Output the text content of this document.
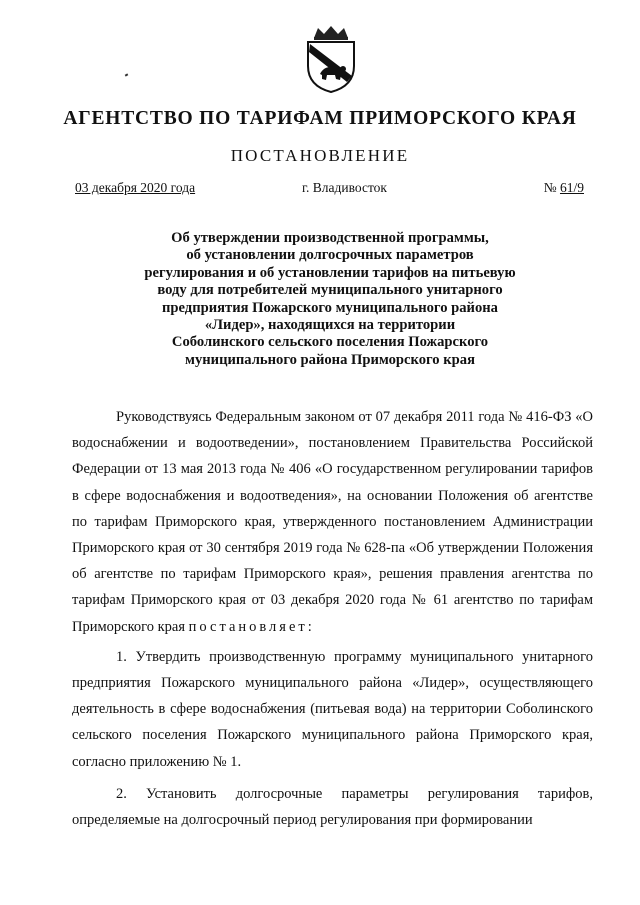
АГЕНТСТВО ПО ТАРИФАМ ПРИМОРСКОГО КРАЯ
ПОСТАНОВЛЕНИЕ
03 декабря 2020 года	г. Владивосток	№ 61/9
Об утверждении производственной программы,
об установлении долгосрочных параметров
регулирования и об установлении тарифов на питьевую
воду для потребителей муниципального унитарного
предприятия Пожарского муниципального района
«Лидер», находящихся на территории
Соболинского сельского поселения Пожарского
муниципального района Приморского края

Руководствуясь Федеральным законом от 07 декабря 2011 года № 416-ФЗ «О водоснабжении и водоотведении», постановлением Правительства Российской Федерации от 13 мая 2013 года № 406 «О государственном регулировании тарифов в сфере водоснабжения и водоотведения», на основании Положения об агентстве по тарифам Приморского края, утвержденного постановлением Администрации Приморского края от 30 сентября 2019 года № 628-па «Об утверждении Положения об агентстве по тарифам Приморского края», решения правления агентства по тарифам Приморского края от 03 декабря 2020 года № 61 агентство по тарифам Приморского края постановляет:

1. Утвердить производственную программу муниципального унитарного предприятия Пожарского муниципального района «Лидер», осуществляющего деятельность в сфере водоснабжения (питьевая вода) на территории Соболинского сельского поселения Пожарского муниципального района Приморского края, согласно приложению № 1.

2. Установить долгосрочные параметры регулирования тарифов, определяемые на долгосрочный период регулирования при формировании
